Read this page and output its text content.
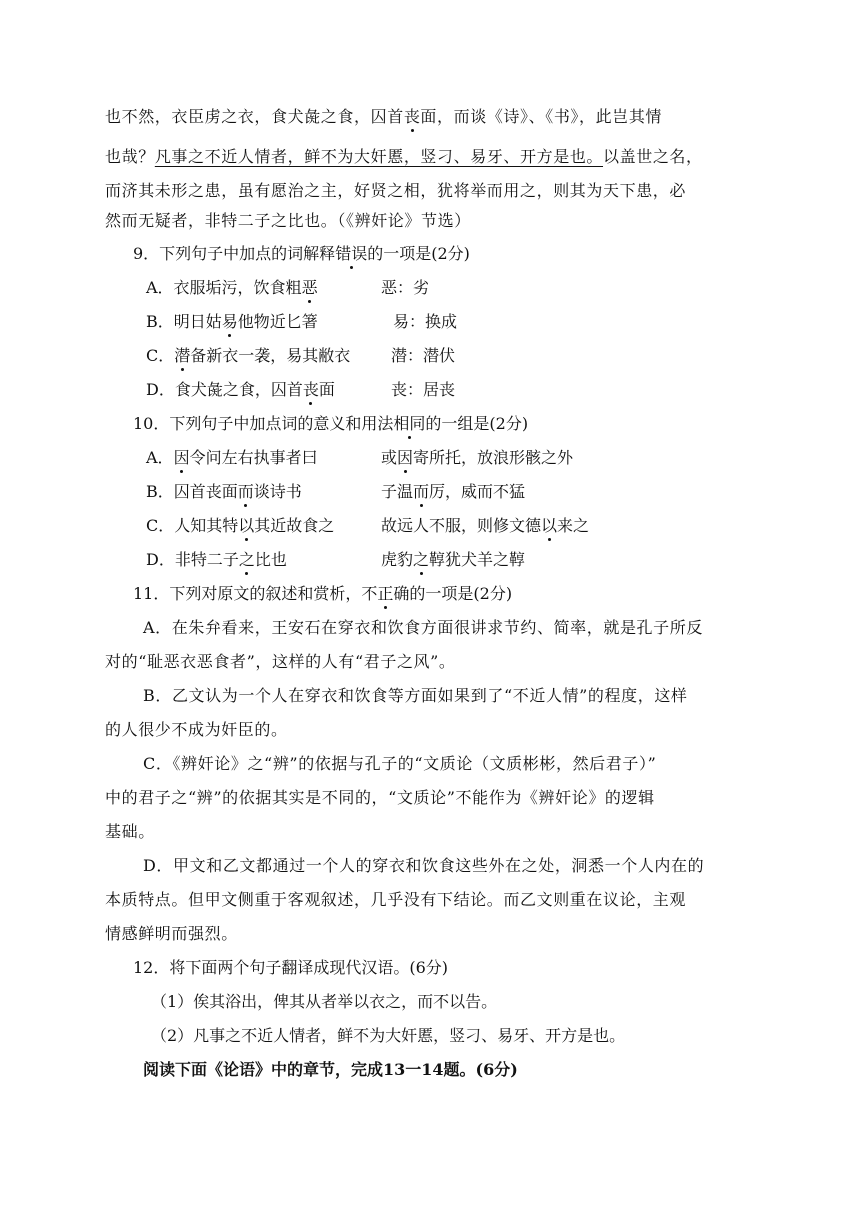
也不然，衣臣虏之衣，食犬彘之食，囚首丧面，而谈《诗》、《书》，此岂其情
也哉？凡事之不近人情者，鲜不为大奸慝，竖刁、易牙、开方是也。以盖世之名，
而济其未形之患，虽有愿治之主，好贤之相，犹将举而用之，则其为天下患，必
然而无疑者，非特二子之比也。（《辨奸论》节选）
9．下列句子中加点的词解释错误的一项是(2分)
A．衣服垢污，饮食粗恶	恶：劣
B．明日姑易他物近匕箸	易：换成
C．潜备新衣一袭，易其敝衣	潜：潜伏
D．食犬彘之食，囚首丧面	丧：居丧
10．下列句子中加点词的意义和用法相同的一组是(2分)
A．因令问左右执事者曰	或因寄所托，放浪形骸之外
B．囚首丧面而谈诗书	子温而厉，威而不猛
C．人知其特以其近故食之	故远人不服，则修文德以来之
D．非特二子之比也	虎豹之鞟犹犬羊之鞟
11．下列对原文的叙述和赏析，不正确的一项是(2分)
A．在朱弁看来，王安石在穿衣和饮食方面很讲求节约、简率，就是孔子所反
对的“耻恶衣恶食者”，这样的人有“君子之风”。
B．乙文认为一个人在穿衣和饮食等方面如果到了“不近人情”的程度，这样
的人很少不成为奸臣的。
C．《辨奸论》之“辨”的依据与孔子的“文质论（文质彬彬，然后君子）”
中的君子之“辨”的依据其实是不同的，“文质论”不能作为《辨奸论》的逻辑
基础。
D．甲文和乙文都通过一个人的穿衣和饮食这些外在之处，洞悉一个人内在的
本质特点。但甲文侧重于客观叙述，几乎没有下结论。而乙文则重在议论，主观
情感鲜明而强烈。
12．将下面两个句子翻译成现代汉语。(6分)
（1）俟其浴出，俾其从者举以衣之，而不以告。
（2）凡事之不近人情者，鲜不为大奸慝，竖刁、易牙、开方是也。
阅读下面《论语》中的章节，完成13一14题。(6分)
